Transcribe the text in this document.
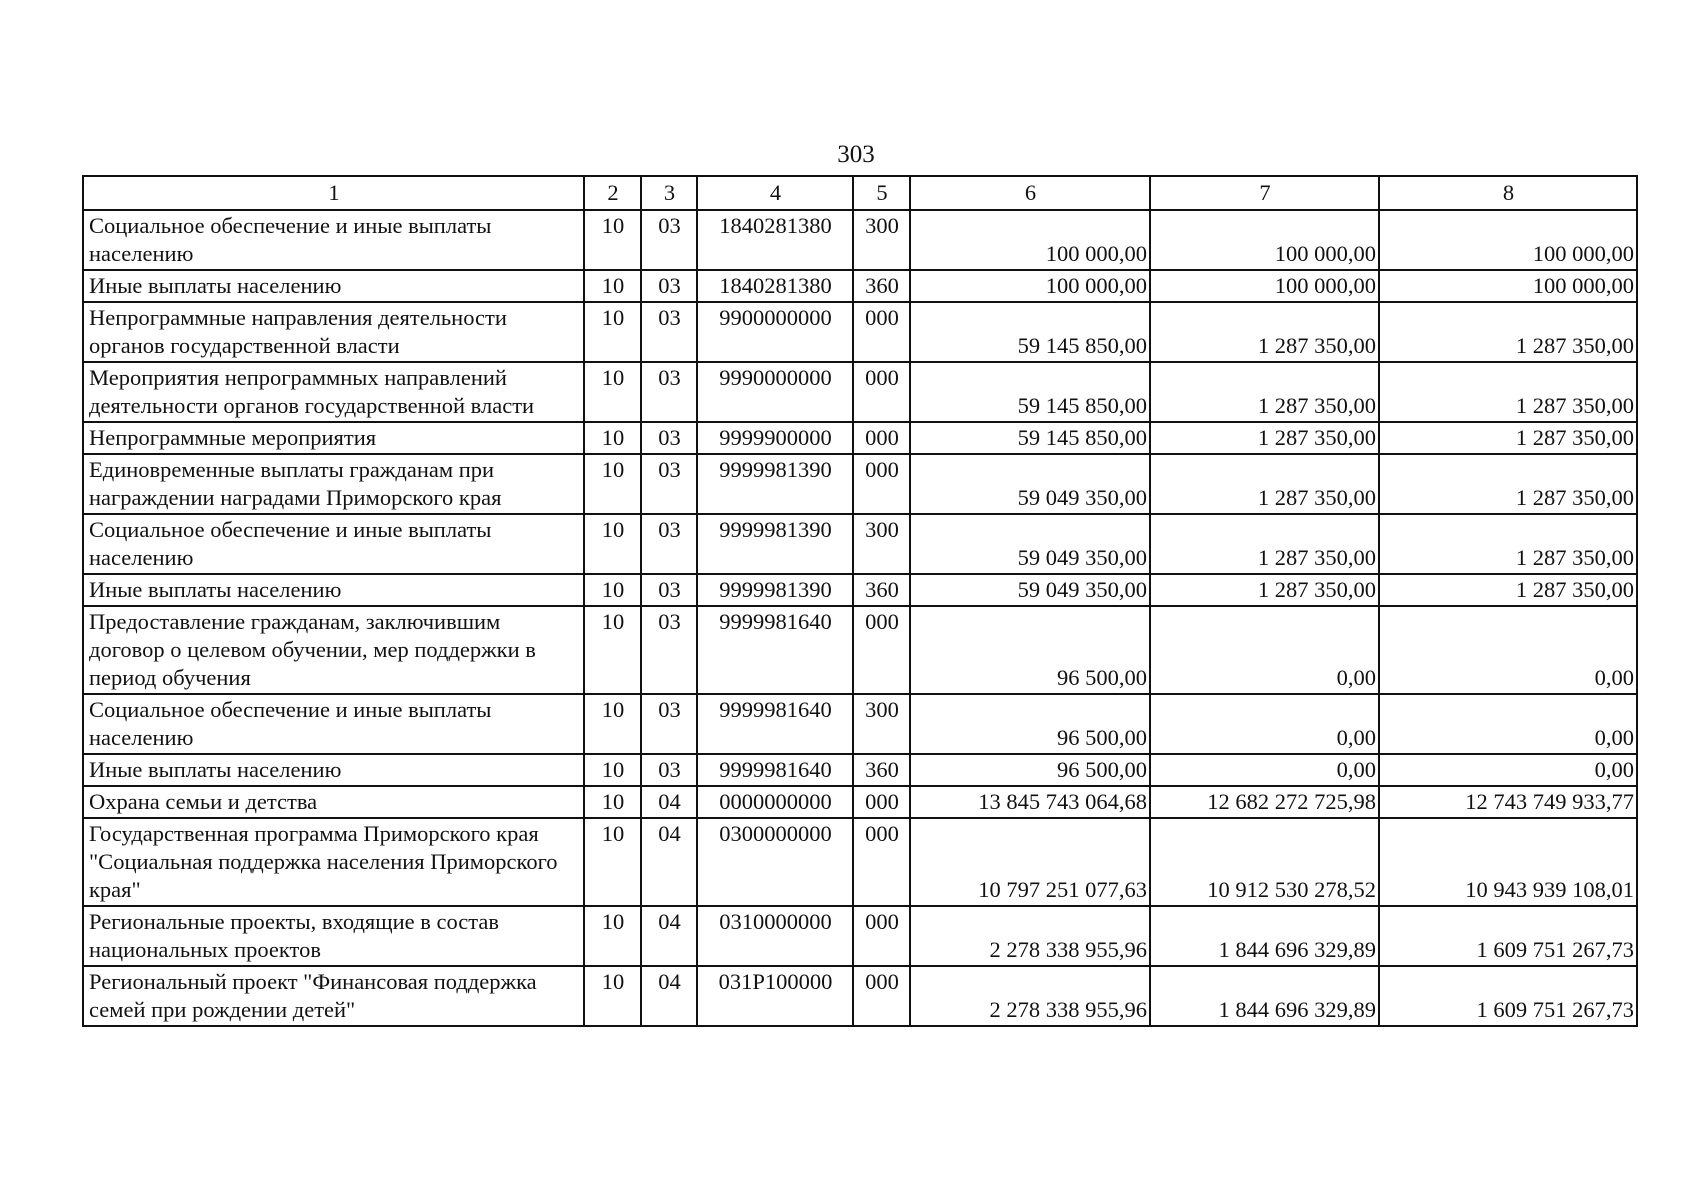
303
1	2	3	4	5	6	7	8
Социальное обеспечение и иные выплаты населению	10	03	1840281380	300	100 000,00	100 000,00	100 000,00
Иные выплаты населению	10	03	1840281380	360	100 000,00	100 000,00	100 000,00
Непрограммные направления деятельности органов государственной власти	10	03	9900000000	000	59 145 850,00	1 287 350,00	1 287 350,00
Мероприятия непрограммных направлений деятельности органов государственной власти	10	03	9990000000	000	59 145 850,00	1 287 350,00	1 287 350,00
Непрограммные мероприятия	10	03	9999900000	000	59 145 850,00	1 287 350,00	1 287 350,00
Единовременные выплаты гражданам при награждении наградами Приморского края	10	03	9999981390	000	59 049 350,00	1 287 350,00	1 287 350,00
Социальное обеспечение и иные выплаты населению	10	03	9999981390	300	59 049 350,00	1 287 350,00	1 287 350,00
Иные выплаты населению	10	03	9999981390	360	59 049 350,00	1 287 350,00	1 287 350,00
Предоставление гражданам, заключившим договор о целевом обучении, мер поддержки в период обучения	10	03	9999981640	000	96 500,00	0,00	0,00
Социальное обеспечение и иные выплаты населению	10	03	9999981640	300	96 500,00	0,00	0,00
Иные выплаты населению	10	03	9999981640	360	96 500,00	0,00	0,00
Охрана семьи и детства	10	04	0000000000	000	13 845 743 064,68	12 682 272 725,98	12 743 749 933,77
Государственная программа Приморского края "Социальная поддержка населения Приморского края"	10	04	0300000000	000	10 797 251 077,63	10 912 530 278,52	10 943 939 108,01
Региональные проекты, входящие в состав национальных проектов	10	04	0310000000	000	2 278 338 955,96	1 844 696 329,89	1 609 751 267,73
Региональный проект "Финансовая поддержка семей при рождении детей"	10	04	031P100000	000	2 278 338 955,96	1 844 696 329,89	1 609 751 267,73
